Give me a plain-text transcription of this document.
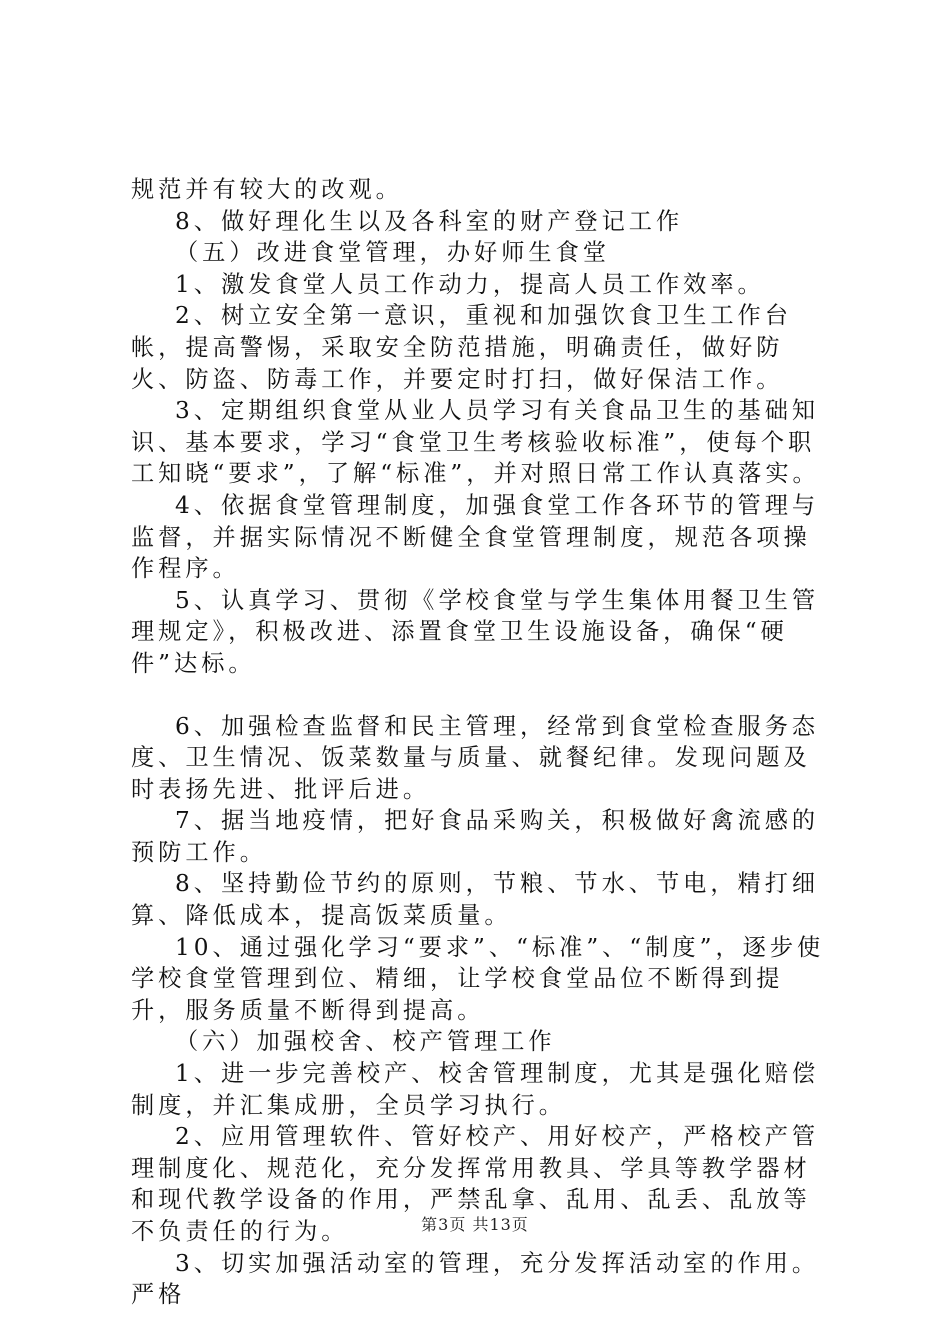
规范并有较大的改观。

8、做好理化生以及各科室的财产登记工作

（五）改进食堂管理，办好师生食堂

1、激发食堂人员工作动力，提高人员工作效率。

2、树立安全第一意识，重视和加强饮食卫生工作台帐，提高警惕，采取安全防范措施，明确责任，做好防火、防盗、防毒工作，并要定时打扫，做好保洁工作。

3、定期组织食堂从业人员学习有关食品卫生的基础知识、基本要求，学习“食堂卫生考核验收标准”，使每个职工知晓“要求”，了解“标准”，并对照日常工作认真落实。

4、依据食堂管理制度，加强食堂工作各环节的管理与监督，并据实际情况不断健全食堂管理制度，规范各项操作程序。

5、认真学习、贯彻《学校食堂与学生集体用餐卫生管理规定》，积极改进、添置食堂卫生设施设备，确保“硬件”达标。

6、加强检查监督和民主管理，经常到食堂检查服务态度、卫生情况、饭菜数量与质量、就餐纪律。发现问题及时表扬先进、批评后进。

7、据当地疫情，把好食品采购关，积极做好禽流感的预防工作。

8、坚持勤俭节约的原则，节粮、节水、节电，精打细算、降低成本，提高饭菜质量。

10、通过强化学习“要求”、“标准”、“制度”，逐步使学校食堂管理到位、精细，让学校食堂品位不断得到提升，服务质量不断得到提高。

（六）加强校舍、校产管理工作

1、进一步完善校产、校舍管理制度，尤其是强化赔偿制度，并汇集成册，全员学习执行。

2、应用管理软件、管好校产、用好校产，严格校产管理制度化、规范化，充分发挥常用教具、学具等教学器材和现代教学设备的作用，严禁乱拿、乱用、乱丢、乱放等不负责任的行为。

3、切实加强活动室的管理，充分发挥活动室的作用。严格

第3页 共13页
